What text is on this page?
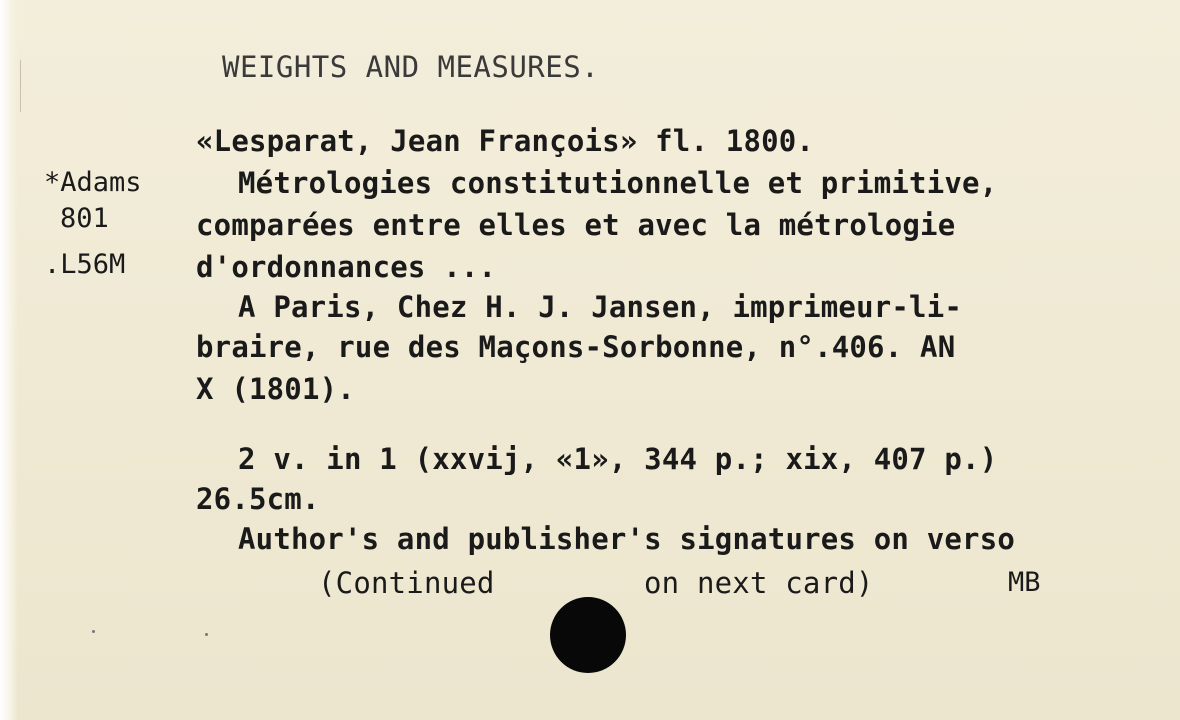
WEIGHTS AND MEASURES.
*Adams
801
.L56M
«Lesparat, Jean François» fl. 1800.
Métrologies constitutionnelle et primitive,
comparées entre elles et avec la métrologie
d'ordonnances ...
A Paris, Chez H. J. Jansen, imprimeur-li-
braire, rue des Maçons-Sorbonne, n°.406. AN
X (1801).
2 v. in 1 (xxvij, «1», 344 p.; xix, 407 p.)
26.5cm.
Author's and publisher's signatures on verso
(Continued	on next card)	MB
